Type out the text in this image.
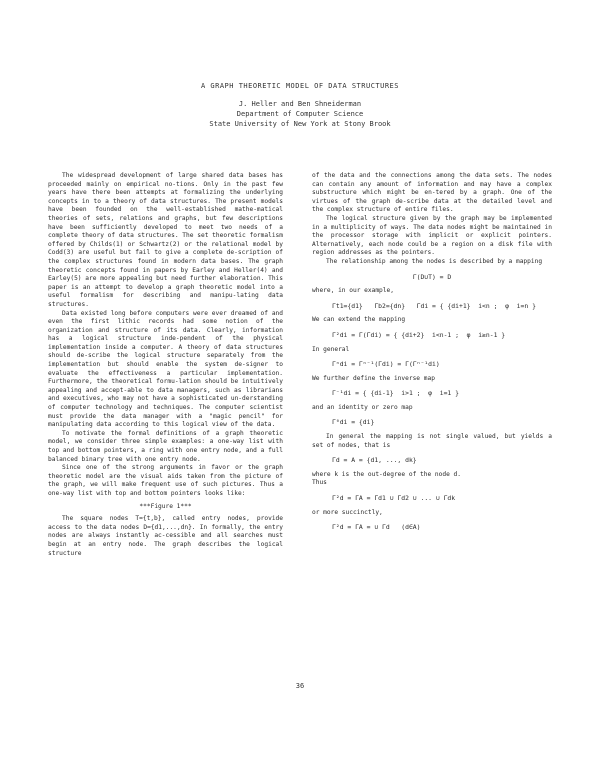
A GRAPH THEORETIC MODEL OF DATA STRUCTURES
J. Heller and Ben Shneiderman
Department of Computer Science
State University of New York at Stony Brook

The widespread development of large shared data bases has proceeded mainly on empirical no-tions. Only in the past few years have there been attempts at formalizing the underlying concepts in to a theory of data structures. The present models have been founded on the well-established mathe-matical theories of sets, relations and graphs, but few descriptions have been sufficiently developed to meet two needs of a complete theory of data structures. The set theoretic formalism offered by Childs(1) or Schwartz(2) or the relational model by Codd(3) are useful but fail to give a complete de-scription of the complex structures found in modern data bases. The graph theoretic concepts found in papers by Earley and Heller(4) and Earley(5) are more appealing but need further elaboration. This paper is an attempt to develop a graph theoretic model into a useful formalism for describing and manipu-lating data structures.

Data existed long before computers were ever dreamed of and even the first lithic records had some notion of the organization and structure of its data. Clearly, information has a logical structure inde-pendent of the physical implementation inside a computer. A theory of data structures should de-scribe the logical structure separately from the implementation but should enable the system de-signer to evaluate the effectiveness a particular implementation. Furthermore, the theoretical formu-lation should be intuitively appealing and accept-able to data managers, such as librarians and executives, who may not have a sophisticated un-derstanding of computer technology and techniques. The computer scientist must provide the data manager with a "magic pencil" for manipulating data according to this logical view of the data.

To motivate the formal definitions of a graph theoretic model, we consider three simple examples: a one-way list with top and bottom pointers, a ring with one entry node, and a full balanced binary tree with one entry node.

Since one of the strong arguments in favor or the graph theoretic model are the visual aids taken from the picture of the graph, we will make frequent use of such pictures. Thus a one-way list with top and bottom pointers looks like:

***Figure 1***

The square nodes T={t,b}, called entry nodes, provide access to the data nodes D={d1,...,dn}. In formally, the entry nodes are always instantly ac-cessible and all searches must begin at an entry node. The graph describes the logical structure

of the data and the connections among the data sets. The nodes can contain any amount of information and may have a complex substructure which might be en-tered by a graph. One of the virtues of the graph de-scribe data at the detailed level and the complex structure of entire files.

The logical structure given by the graph may be implemented in a multiplicity of ways. The data nodes might be maintained in the processor storage with implicit or explicit pointers. Alternatively, each node could be a region on a disk file with region addresses as the pointers.

The relationship among the nodes is described by a mapping

Γ(D∪T) = D

where, in our example,

Γt1={d1}   Γb2={dn}   Γdi = { {di+1}  i<n ;  φ  i=n }

We can extend the mapping

Γ²di = Γ(Γdi) = { {di+2}  i<n-1 ;  φ  i≥n-1 }

In general

Γⁿdi = Γⁿ⁻¹(Γdi) = Γ(Γⁿ⁻¹di)

We further define the inverse map

Γ⁻¹di = { {di-1}  i>1 ;  φ  i=1 }

and an identity or zero map

Γ⁰di = {di}

In general the mapping is not single valued, but yields a set of nodes, that is

Γd = A = {d1, ..., dk}

where k is the out-degree of the node d.

Thus

Γ²d = ΓA = Γd1 ∪ Γd2 ∪ ... ∪ Γdk

or more succinctly,

Γ²d = ΓA = ∪ Γd   (d∈A)
36
